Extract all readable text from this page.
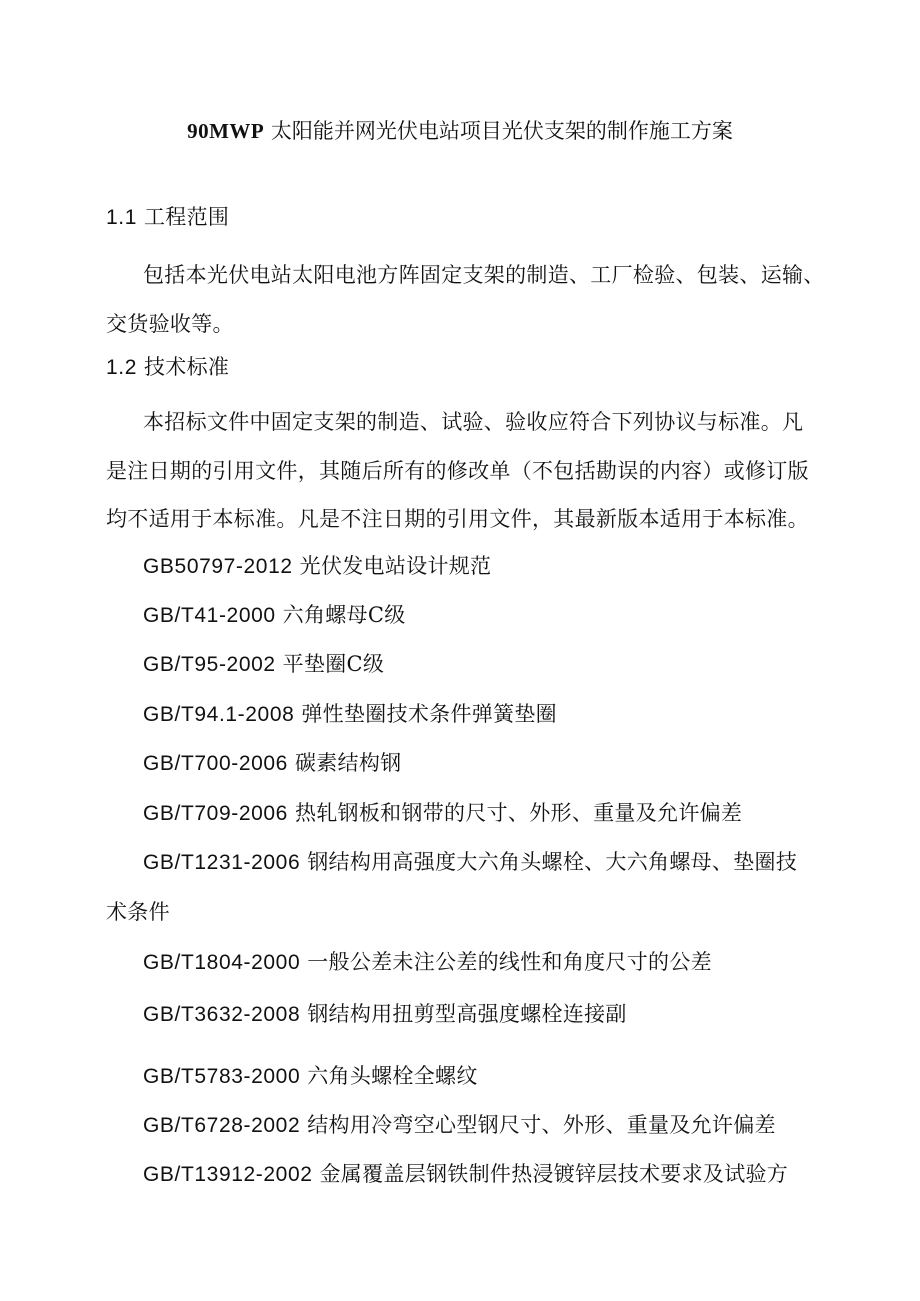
90MWP 太阳能并网光伏电站项目光伏支架的制作施工方案
1.1 工程范围
包括本光伏电站太阳电池方阵固定支架的制造、工厂检验、包装、运输、
交货验收等。
1.2 技术标准
本招标文件中固定支架的制造、试验、验收应符合下列协议与标准。凡
是注日期的引用文件，其随后所有的修改单（不包括勘误的内容）或修订版
均不适用于本标准。凡是不注日期的引用文件，其最新版本适用于本标准。
GB50797-2012 光伏发电站设计规范
GB/T41-2000 六角螺母C级
GB/T95-2002 平垫圈C级
GB/T94.1-2008 弹性垫圈技术条件弹簧垫圈
GB/T700-2006 碳素结构钢
GB/T709-2006 热轧钢板和钢带的尺寸、外形、重量及允许偏差
GB/T1231-2006 钢结构用高强度大六角头螺栓、大六角螺母、垫圈技
术条件
GB/T1804-2000 一般公差未注公差的线性和角度尺寸的公差
GB/T3632-2008 钢结构用扭剪型高强度螺栓连接副
GB/T5783-2000 六角头螺栓全螺纹
GB/T6728-2002 结构用冷弯空心型钢尺寸、外形、重量及允许偏差
GB/T13912-2002 金属覆盖层钢铁制件热浸镀锌层技术要求及试验方
